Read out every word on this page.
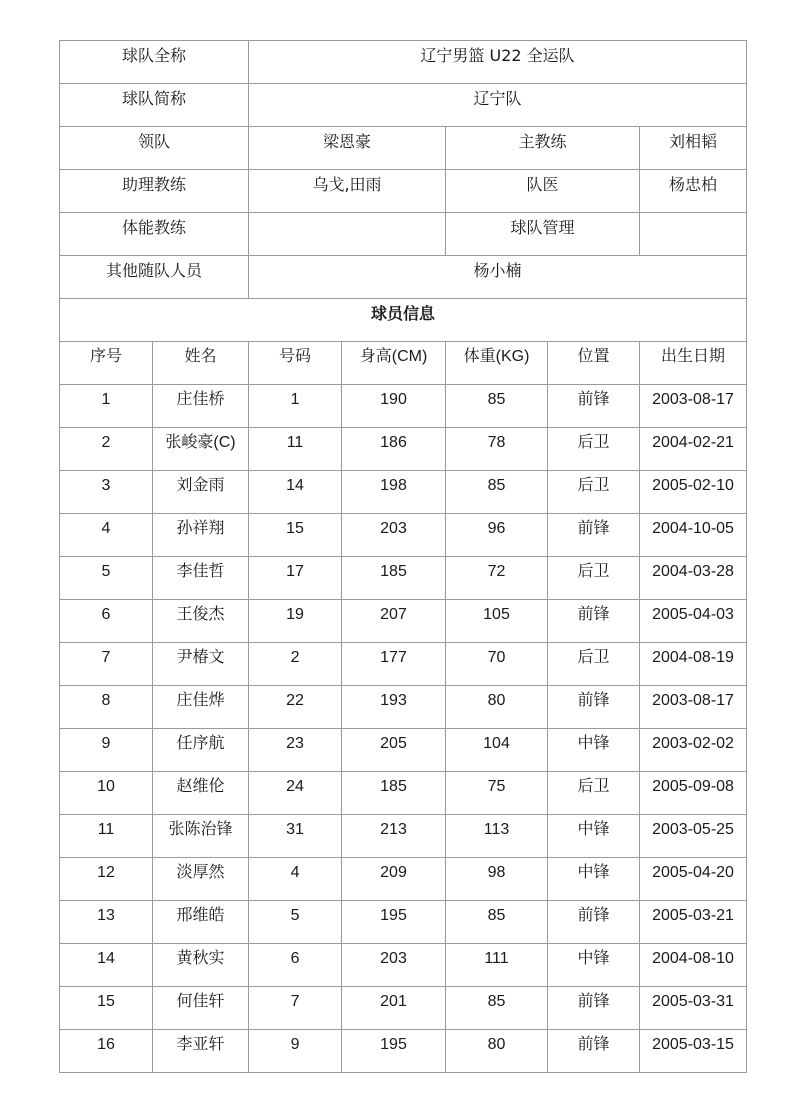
球队全称		辽宁男篮 U22 全运队				
球队简称		辽宁队				
领队		梁恩豪		主教练		刘相韬
助理教练		乌戈,田雨		队医		杨忠柏
体能教练				球队管理		
其他随队人员		杨小楠				
球员信息						
序号	姓名	号码	身高(CM)	体重(KG)	位置	出生日期
1	庄佳桥	1	190	85	前锋	2003-08-17
2	张峻豪(C)	11	186	78	后卫	2004-02-21
3	刘金雨	14	198	85	后卫	2005-02-10
4	孙祥翔	15	203	96	前锋	2004-10-05
5	李佳哲	17	185	72	后卫	2004-03-28
6	王俊杰	19	207	105	前锋	2005-04-03
7	尹椿文	2	177	70	后卫	2004-08-19
8	庄佳烨	22	193	80	前锋	2003-08-17
9	任序航	23	205	104	中锋	2003-02-02
10	赵维伦	24	185	75	后卫	2005-09-08
11	张陈治锋	31	213	113	中锋	2003-05-25
12	淡厚然	4	209	98	中锋	2005-04-20
13	邢维皓	5	195	85	前锋	2005-03-21
14	黄秋实	6	203	111	中锋	2004-08-10
15	何佳轩	7	201	85	前锋	2005-03-31
16	李亚轩	9	195	80	前锋	2005-03-15
